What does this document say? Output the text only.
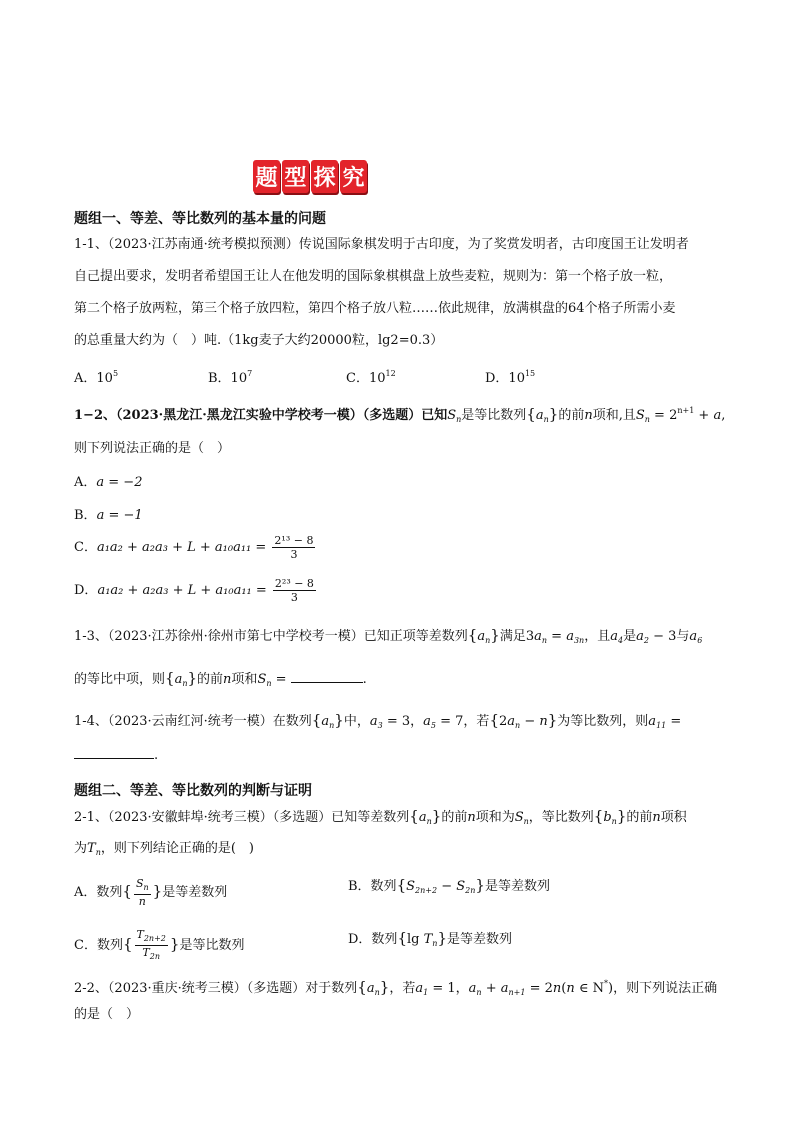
题 型 探 究
题组一、等差、等比数列的基本量的问题
1-1、（2023·江苏南通·统考模拟预测）传说国际象棋发明于古印度，为了奖赏发明者，古印度国王让发明者
自己提出要求，发明者希望国王让人在他发明的国际象棋棋盘上放些麦粒，规则为：第一个格子放一粒，
第二个格子放两粒，第三个格子放四粒，第四个格子放八粒……依此规律，放满棋盘的64个格子所需小麦
的总重量大约为（　）吨.（1kg麦子大约20000粒，lg2=0.3）
A．$10^5$	B．$10^7$	C．$10^{12}$	D．$10^{15}$
1−2、（2023·黑龙江·黑龙江实验中学校考一模）（多选题）已知$S_n$是等比数列$\{a_n\}$的前n项和,且$S_n = 2^{n+1} + a$,
则下列说法正确的是（　）
A．a = −2
B．a = −1
C．$a_1a_2 + a_2a_3 + L + a_{10}a_{11} = \frac{\text{2¹³ − 8}}{3}$
D．$a_1a_2 + a_2a_3 + L + a_{10}a_{11} = \frac{\text{2²³ − 8}}{3}$
1-3、（2023·江苏徐州·徐州市第七中学校考一模）已知正项等差数列$\{a_n\}$满足$3a_n = a_{3n}$，且$a_4$是$a_2 - 3$与$a_6$
的等比中项，则$\{a_n\}$的前n项和$S_n$ =	.
1-4、（2023·云南红河·统考一模）在数列$\{a_n\}$中，$a_3 = 3$，$a_5 = 7$，若$\{2a_n - n\}$为等比数列，则$a_{11}$ =
.
题组二、等差、等比数列的判断与证明
2-1、（2023·安徽蚌埠·统考三模）（多选题）已知等差数列$\{a_n\}$的前n项和为$S_n$，等比数列$\{b_n\}$的前n项积
为$T_n$，则下列结论正确的是(　)
A．数列{ $\frac{S_n}{n}$ }是等差数列	B．数列$\{S_{2n+2} - S_{2n}\}$是等差数列
C．数列{ $\frac{T_{2n+2}}{T_{2n}}$ }是等比数列	D．数列{lg $T_n$}是等差数列
2-2、（2023·重庆·统考三模）（多选题）对于数列$\{a_n\}$，若$a_1 = 1$，$a_n + a_{n+1} = 2n(n$ ∈ N*)，则下列说法正确
的是（　）
